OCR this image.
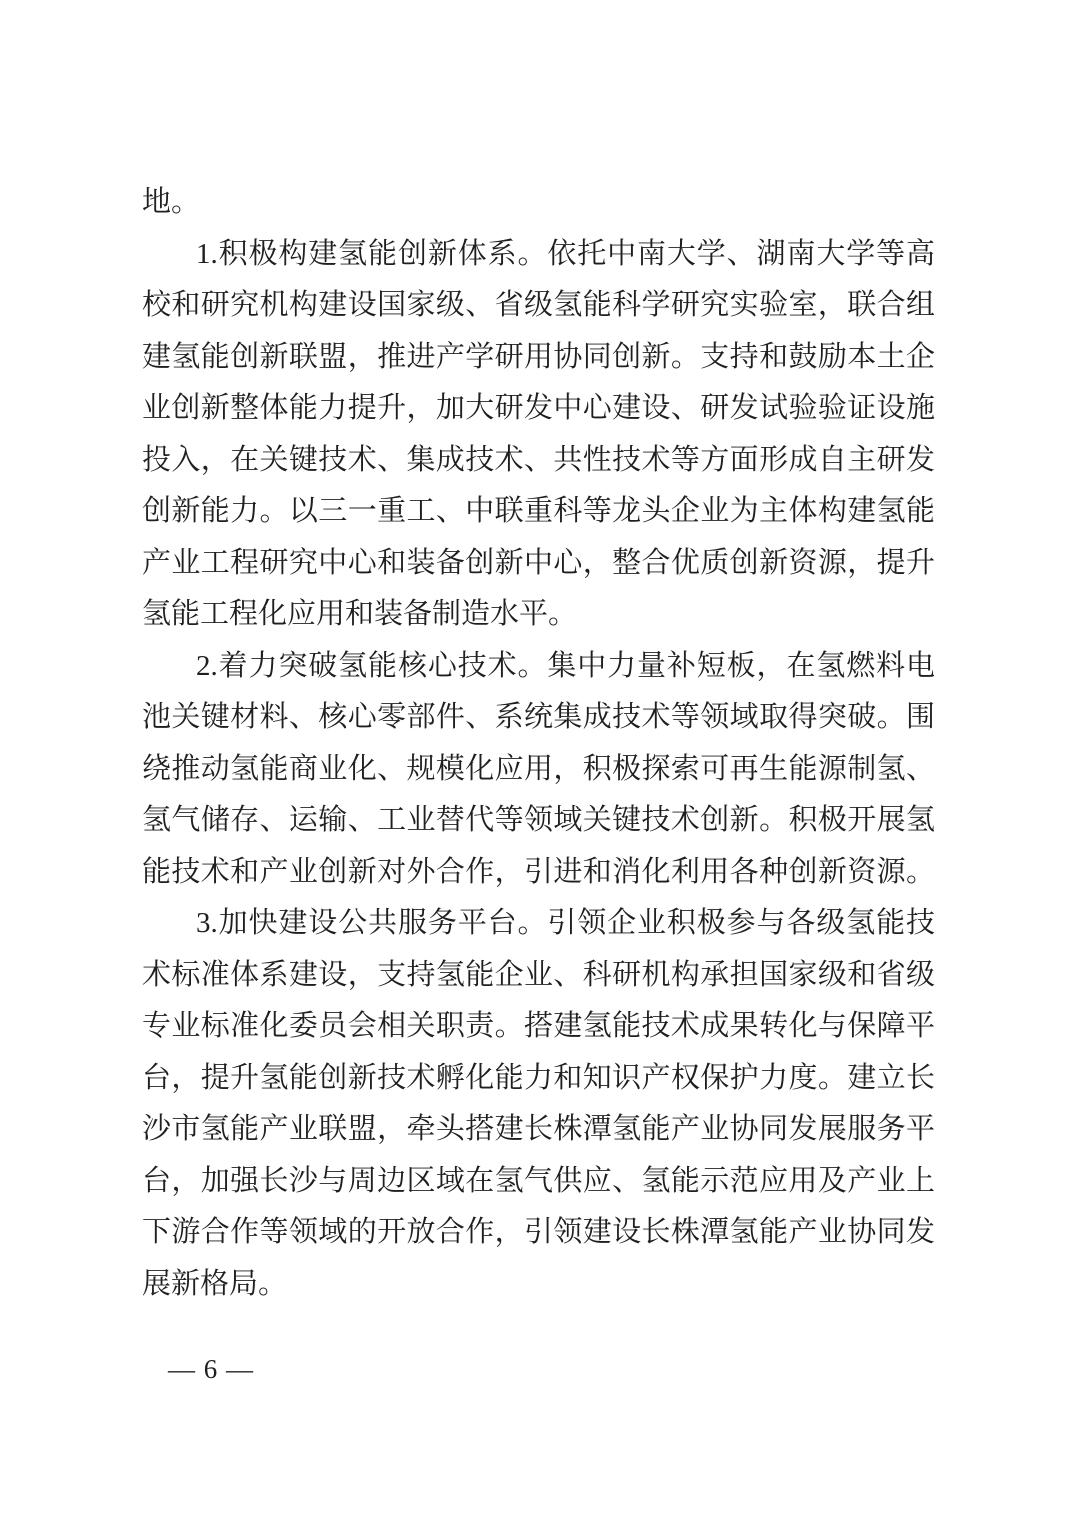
地。
1.积极构建氢能创新体系。依托中南大学、湖南大学等高
校和研究机构建设国家级、省级氢能科学研究实验室，联合组
建氢能创新联盟，推进产学研用协同创新。支持和鼓励本土企
业创新整体能力提升，加大研发中心建设、研发试验验证设施
投入，在关键技术、集成技术、共性技术等方面形成自主研发
创新能力。以三一重工、中联重科等龙头企业为主体构建氢能
产业工程研究中心和装备创新中心，整合优质创新资源，提升
氢能工程化应用和装备制造水平。
2.着力突破氢能核心技术。集中力量补短板，在氢燃料电
池关键材料、核心零部件、系统集成技术等领域取得突破。围
绕推动氢能商业化、规模化应用，积极探索可再生能源制氢、
氢气储存、运输、工业替代等领域关键技术创新。积极开展氢
能技术和产业创新对外合作，引进和消化利用各种创新资源。
3.加快建设公共服务平台。引领企业积极参与各级氢能技
术标准体系建设，支持氢能企业、科研机构承担国家级和省级
专业标准化委员会相关职责。搭建氢能技术成果转化与保障平
台，提升氢能创新技术孵化能力和知识产权保护力度。建立长
沙市氢能产业联盟，牵头搭建长株潭氢能产业协同发展服务平
台，加强长沙与周边区域在氢气供应、氢能示范应用及产业上
下游合作等领域的开放合作，引领建设长株潭氢能产业协同发
展新格局。
— 6 —
